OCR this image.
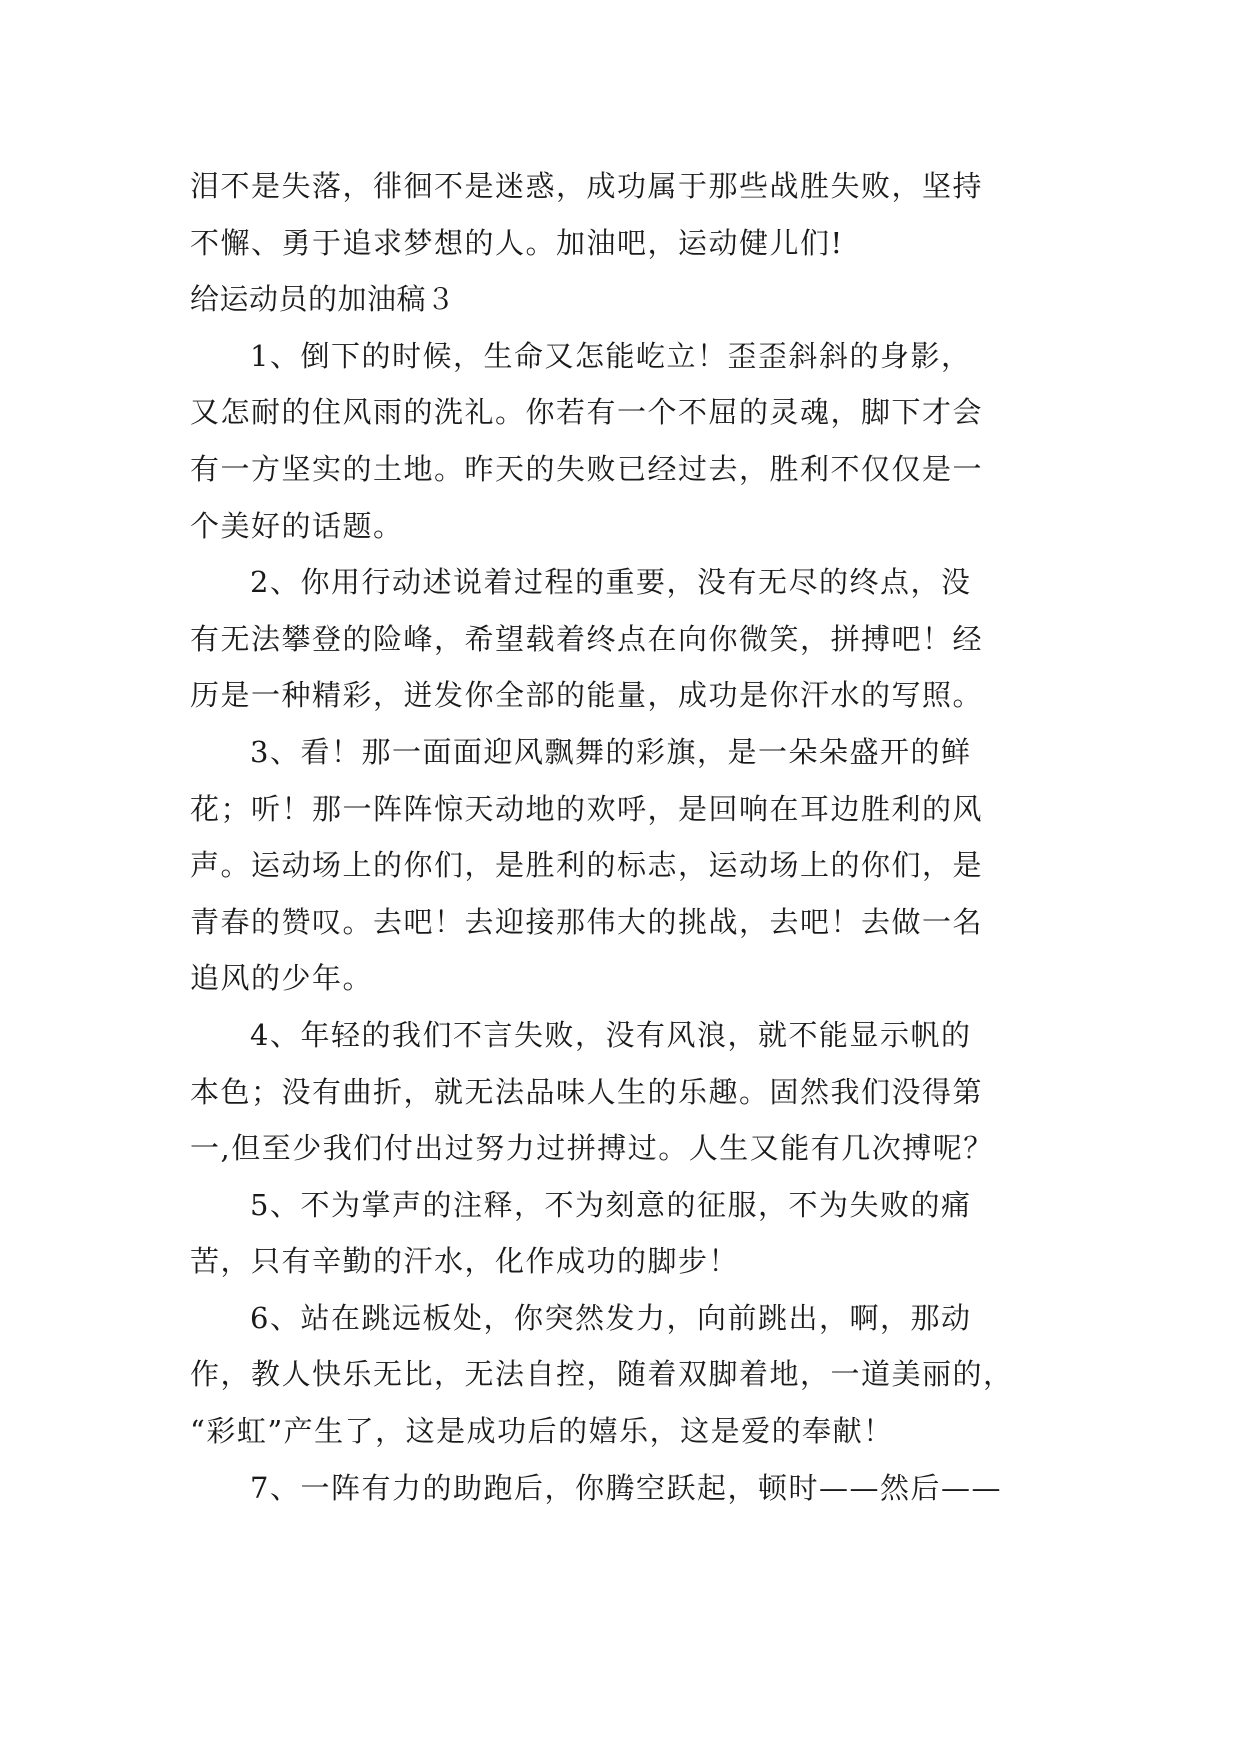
泪不是失落，徘徊不是迷惑，成功属于那些战胜失败，坚持
不懈、勇于追求梦想的人。加油吧，运动健儿们!
给运动员的加油稿３
1、倒下的时候，生命又怎能屹立！歪歪斜斜的身影，
又怎耐的住风雨的洗礼。你若有一个不屈的灵魂，脚下才会
有一方坚实的土地。昨天的失败已经过去，胜利不仅仅是一
个美好的话题。
2、你用行动述说着过程的重要，没有无尽的终点，没
有无法攀登的险峰，希望载着终点在向你微笑，拼搏吧！经
历是一种精彩，迸发你全部的能量，成功是你汗水的写照。
3、看！那一面面迎风飘舞的彩旗，是一朵朵盛开的鲜
花；听！那一阵阵惊天动地的欢呼，是回响在耳边胜利的风
声。运动场上的你们，是胜利的标志，运动场上的你们，是
青春的赞叹。去吧！去迎接那伟大的挑战，去吧！去做一名
追风的少年。
4、年轻的我们不言失败，没有风浪，就不能显示帆的
本色；没有曲折，就无法品味人生的乐趣。固然我们没得第
一,但至少我们付出过努力过拼搏过。人生又能有几次搏呢？
5、不为掌声的注释，不为刻意的征服，不为失败的痛
苦，只有辛勤的汗水，化作成功的脚步！
6、站在跳远板处，你突然发力，向前跳出，啊，那动
作，教人快乐无比，无法自控，随着双脚着地，一道美丽的，
“彩虹”产生了，这是成功后的嬉乐，这是爱的奉献！
7、一阵有力的助跑后，你腾空跃起，顿时——然后——
